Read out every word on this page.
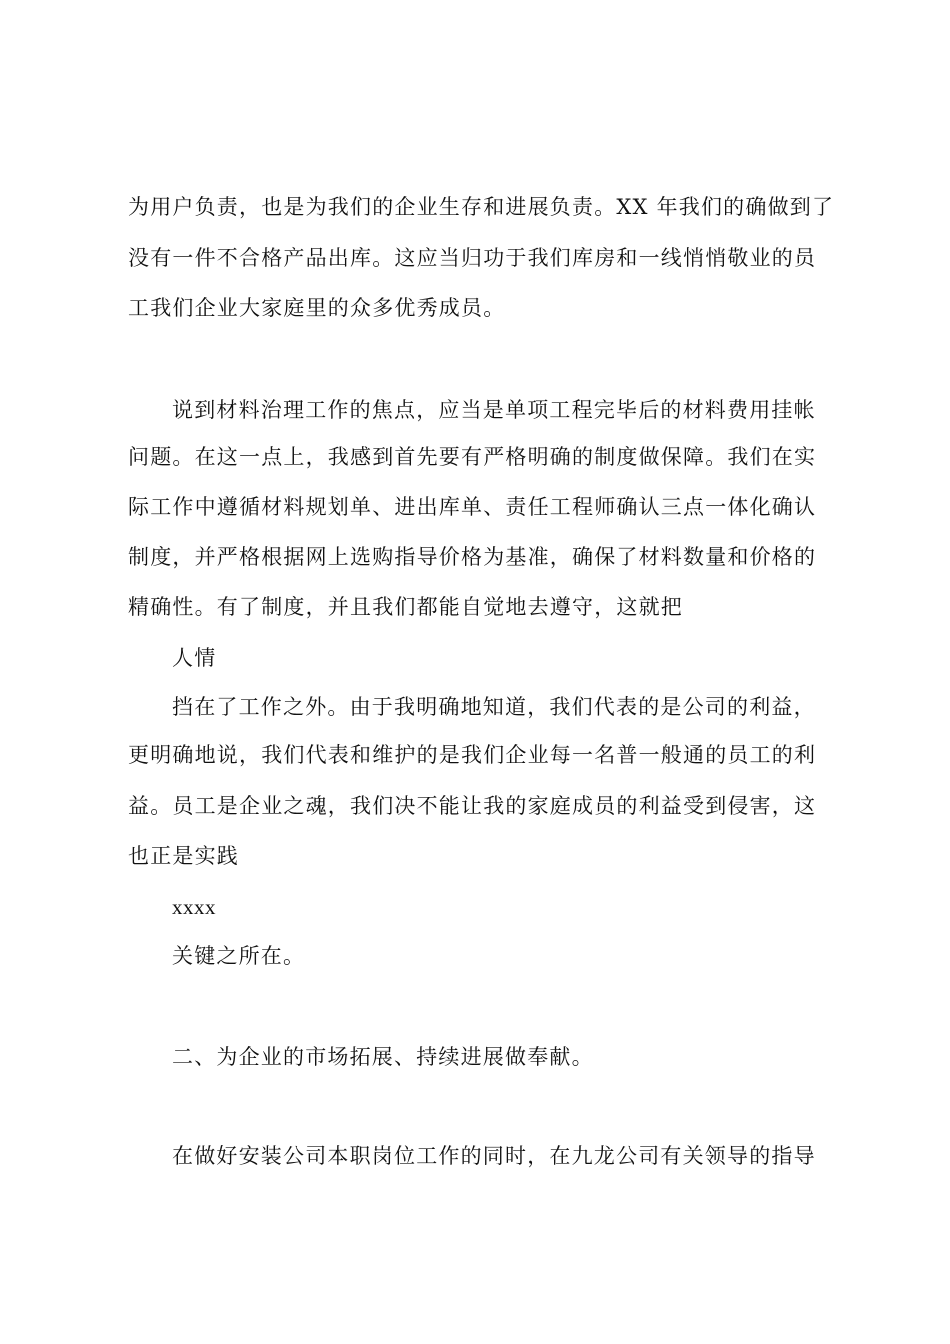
为用户负责，也是为我们的企业生存和进展负责。XX 年我们的确做到了
没有一件不合格产品出库。这应当归功于我们库房和一线悄悄敬业的员
工我们企业大家庭里的众多优秀成员。
说到材料治理工作的焦点，应当是单项工程完毕后的材料费用挂帐
问题。在这一点上，我感到首先要有严格明确的制度做保障。我们在实
际工作中遵循材料规划单、进出库单、责任工程师确认三点一体化确认
制度，并严格根据网上选购指导价格为基准，确保了材料数量和价格的
精确性。有了制度，并且我们都能自觉地去遵守，这就把
人情
挡在了工作之外。由于我明确地知道，我们代表的是公司的利益，
更明确地说，我们代表和维护的是我们企业每一名普一般通的员工的利
益。员工是企业之魂，我们决不能让我的家庭成员的利益受到侵害，这
也正是实践
xxxx
关键之所在。
二、为企业的市场拓展、持续进展做奉献。
在做好安装公司本职岗位工作的同时，在九龙公司有关领导的指导
